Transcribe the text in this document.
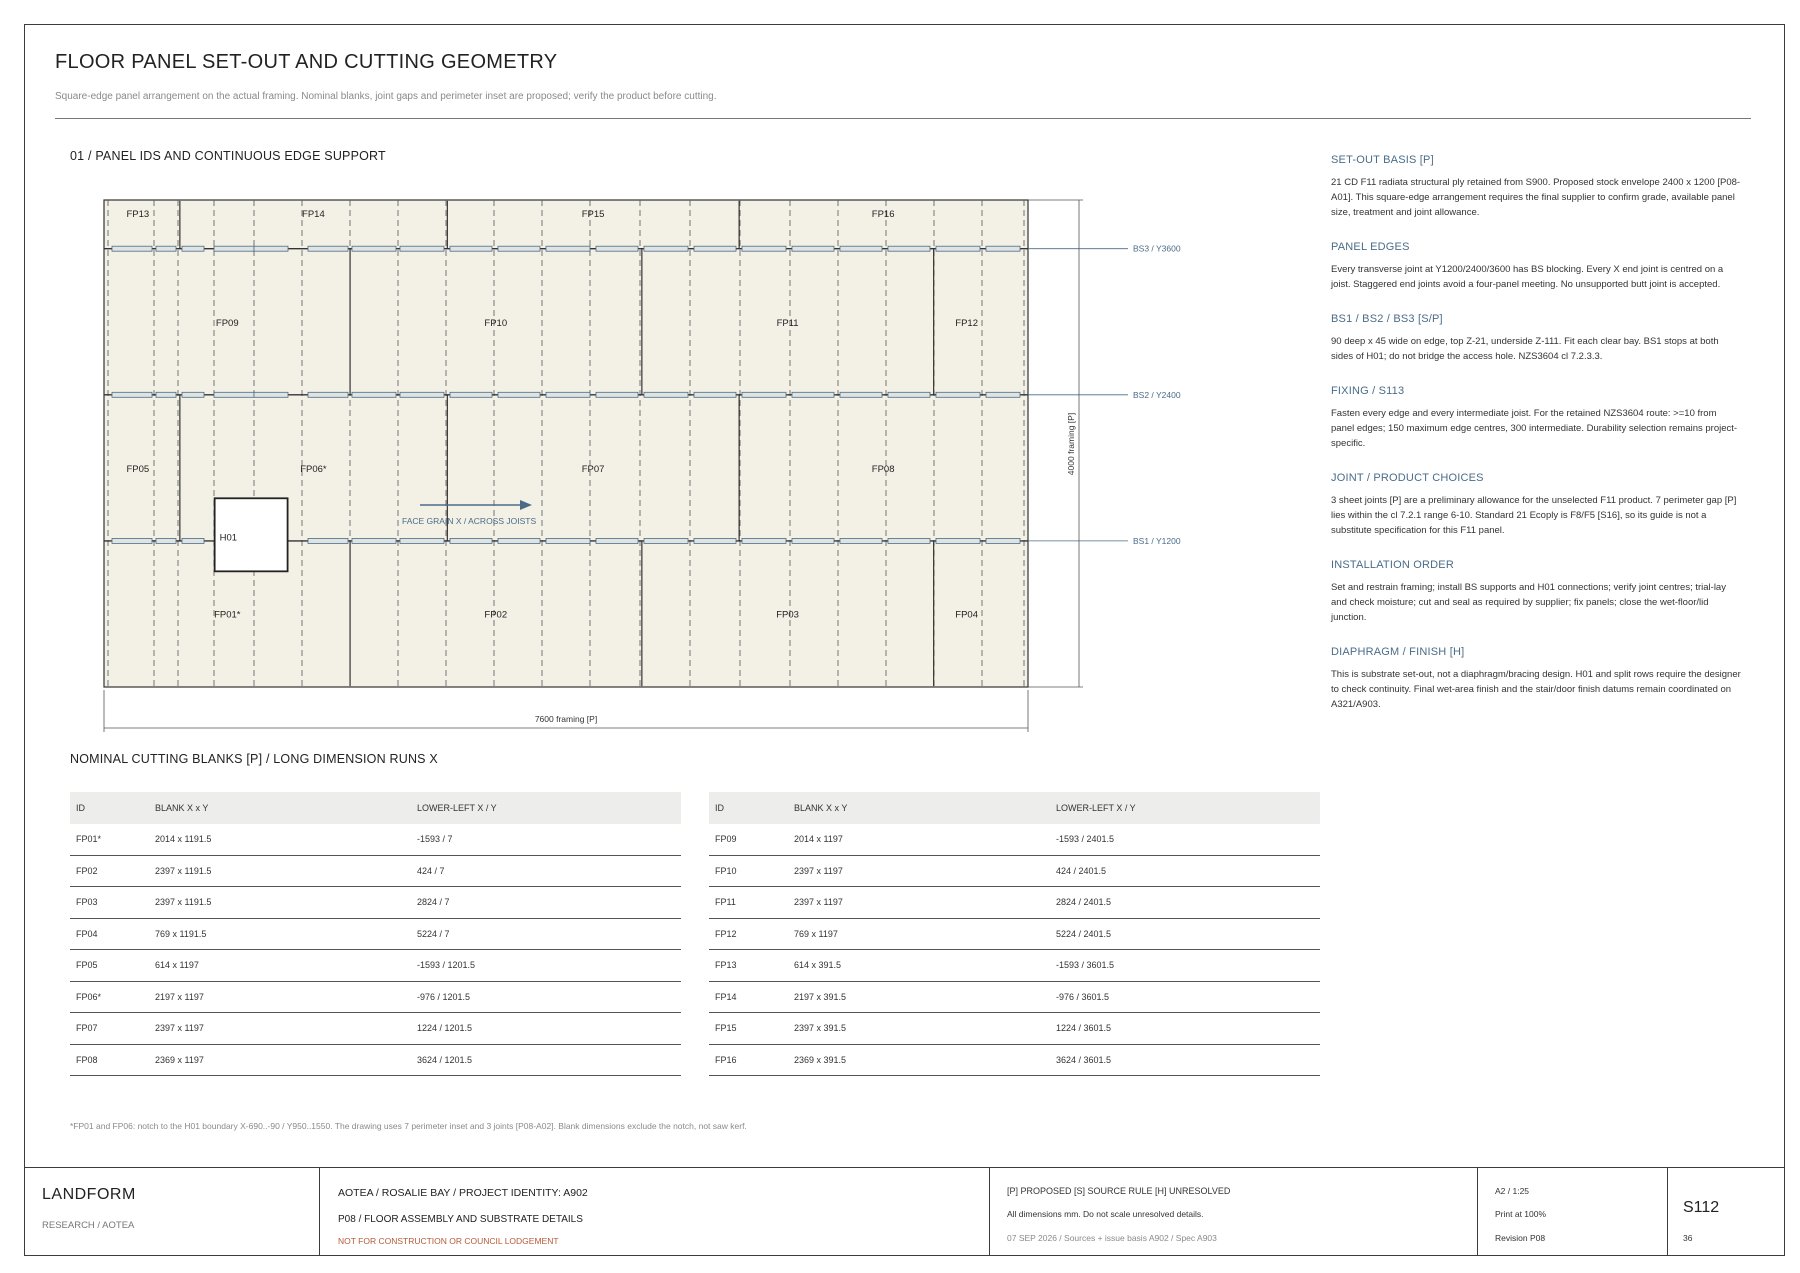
FLOOR PANEL SET-OUT AND CUTTING GEOMETRY
Square-edge panel arrangement on the actual framing. Nominal blanks, joint gaps and perimeter inset are proposed; verify the product before cutting.
01 / PANEL IDS AND CONTINUOUS EDGE SUPPORT
BS3 / Y3600
BS2 / Y2400
BS1 / Y1200
FP13	FP14	FP15	FP16
FP09	FP10	FP11	FP12
FP05	FP06*	FP07	FP08
FP01*	FP02	FP03	FP04
H01
FACE GRAIN X / ACROSS JOISTS
7600 framing [P]
4000 framing [P]
NOMINAL CUTTING BLANKS [P] / LONG DIMENSION RUNS X
ID	BLANK X x Y	LOWER-LEFT X / Y
FP01*	2014 x 1191.5	-1593 / 7
FP02	2397 x 1191.5	424 / 7
FP03	2397 x 1191.5	2824 / 7
FP04	769 x 1191.5	5224 / 7
FP05	614 x 1197	-1593 / 1201.5
FP06*	2197 x 1197	-976 / 1201.5
FP07	2397 x 1197	1224 / 1201.5
FP08	2369 x 1197	3624 / 1201.5
ID	BLANK X x Y	LOWER-LEFT X / Y
FP09	2014 x 1197	-1593 / 2401.5
FP10	2397 x 1197	424 / 2401.5
FP11	2397 x 1197	2824 / 2401.5
FP12	769 x 1197	5224 / 2401.5
FP13	614 x 391.5	-1593 / 3601.5
FP14	2197 x 391.5	-976 / 3601.5
FP15	2397 x 391.5	1224 / 3601.5
FP16	2369 x 391.5	3624 / 3601.5
*FP01 and FP06: notch to the H01 boundary X-690..-90 / Y950..1550. The drawing uses 7 perimeter inset and 3 joints [P08-A02]. Blank dimensions exclude the notch, not saw kerf.
SET-OUT BASIS [P]
21 CD F11 radiata structural ply retained from S900. Proposed stock envelope 2400 x 1200 [P08-A01]. This square-edge arrangement requires the final supplier to confirm grade, available panel size, treatment and joint allowance.
PANEL EDGES
Every transverse joint at Y1200/2400/3600 has BS blocking. Every X end joint is centred on a joist. Staggered end joints avoid a four-panel meeting. No unsupported butt joint is accepted.
BS1 / BS2 / BS3 [S/P]
90 deep x 45 wide on edge, top Z-21, underside Z-111. Fit each clear bay. BS1 stops at both sides of H01; do not bridge the access hole. NZS3604 cl 7.2.3.3.
FIXING / S113
Fasten every edge and every intermediate joist. For the retained NZS3604 route: >=10 from panel edges; 150 maximum edge centres, 300 intermediate. Durability selection remains project-specific.
JOINT / PRODUCT CHOICES
3 sheet joints [P] are a preliminary allowance for the unselected F11 product. 7 perimeter gap [P] lies within the cl 7.2.1 range 6-10. Standard 21 Ecoply is F8/F5 [S16], so its guide is not a substitute specification for this F11 panel.
INSTALLATION ORDER
Set and restrain framing; install BS supports and H01 connections; verify joint centres; trial-lay and check moisture; cut and seal as required by supplier; fix panels; close the wet-floor/lid junction.
DIAPHRAGM / FINISH [H]
This is substrate set-out, not a diaphragm/bracing design. H01 and split rows require the designer to check continuity. Final wet-area finish and the stair/door finish datums remain coordinated on A321/A903.
LANDFORM
RESEARCH / AOTEA
AOTEA / ROSALIE BAY / PROJECT IDENTITY: A902
P08 / FLOOR ASSEMBLY AND SUBSTRATE DETAILS
NOT FOR CONSTRUCTION OR COUNCIL LODGEMENT
[P] PROPOSED [S] SOURCE RULE [H] UNRESOLVED
All dimensions mm. Do not scale unresolved details.
07 SEP 2026 / Sources + issue basis A902 / Spec A903
A2 / 1:25
Print at 100%
Revision P08
S112
36
